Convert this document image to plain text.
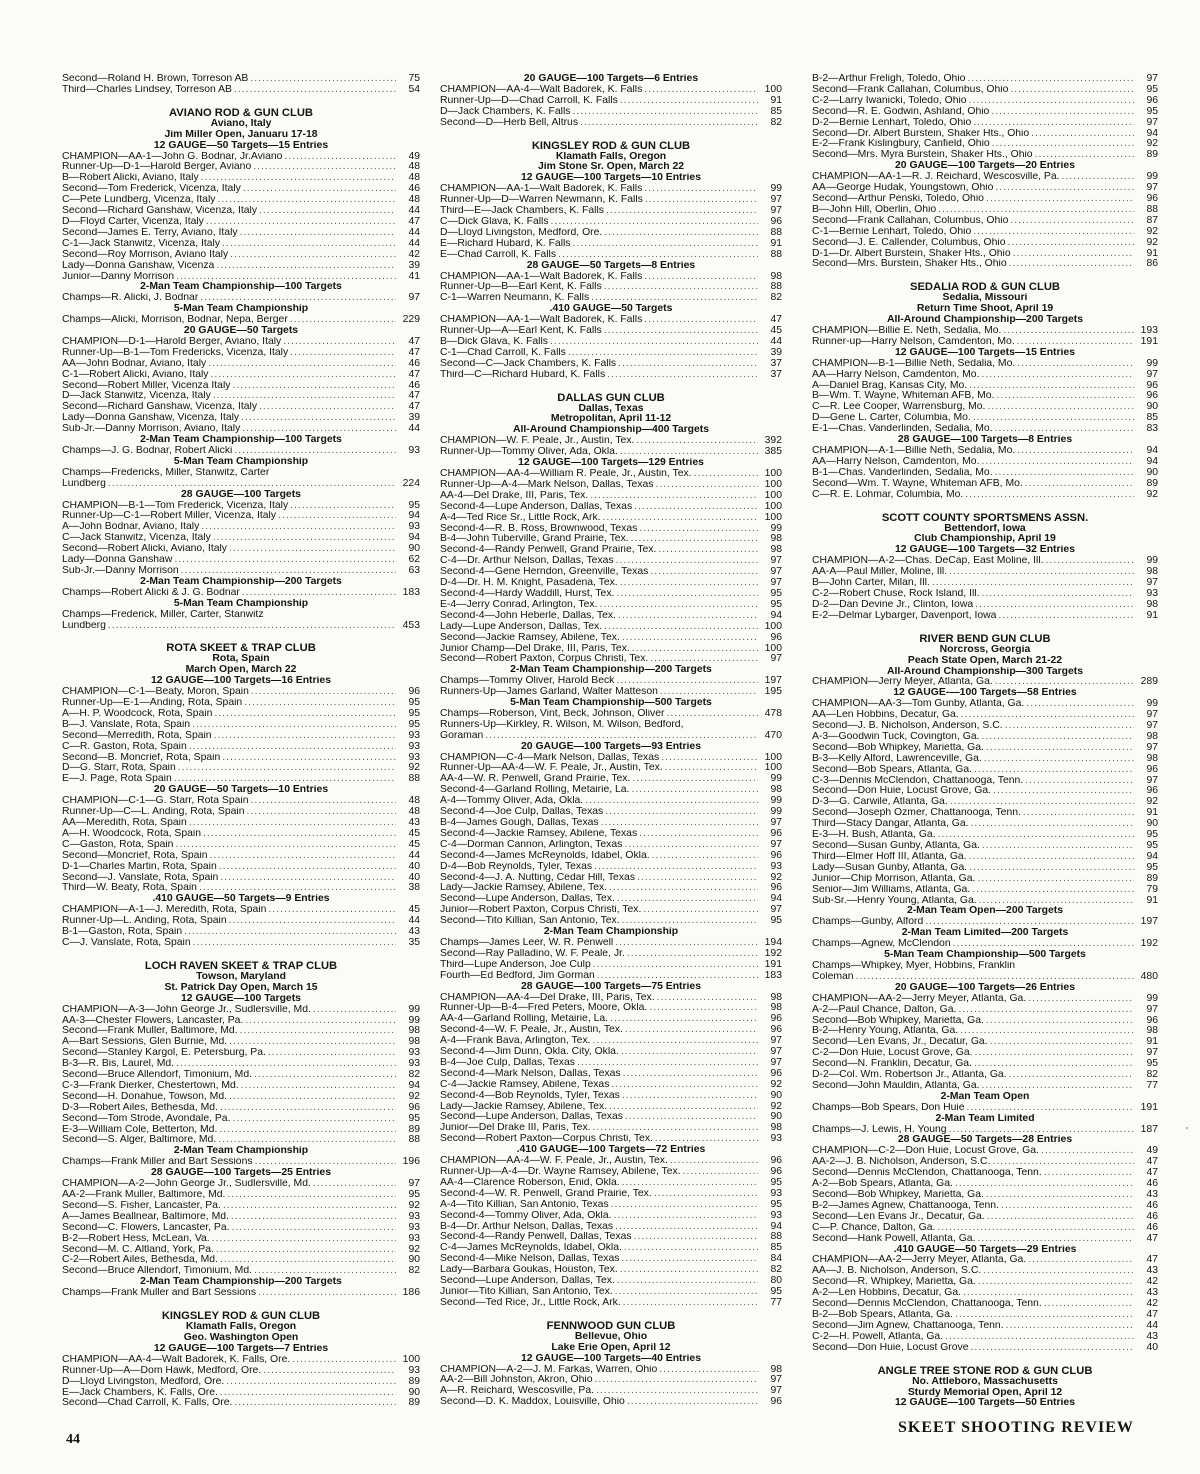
Second—Roland H. Brown, Torreson AB .....	75
Third—Charles Lindsey, Torreson AB .....	54
AVIANO ROD & GUN CLUB
Aviano, Italy
Jim Miller Open, Januaru 17-18
12 GAUGE—50 Targets—15 Entries
CHAMPION—AA-1—John G. Bodnar, Jr.Aviano .....	49
Runner-Up—D-1—Harold Berger, Aviano .....	48
B—Robert Alicki, Aviano, Italy .....	48
Second—Tom Frederick, Vicenza, Italy .....	46
C—Pete Lundberg, Vicenza, Italy .....	48
Second—Richard Ganshaw, Vicenza, Italy .....	44
D—Floyd Carter, Vicenza, Italy .....	47
Second—James E. Terry, Aviano, Italy .....	44
C-1—Jack Stanwitz, Vicenza, Italy .....	44
Second—Roy Morrison, Aviano Italy .....	42
Lady—Donna Ganshaw, Vicenza .....	39
Junior—Danny Morrison .....	41
2-Man Team Championship—100 Targets
Champs—R. Alicki, J. Bodnar .....	97
5-Man Team Championship
Champs—Alicki, Morrison, Bodnar, Nepa, Berger .....	229
20 GAUGE—50 Targets
CHAMPION—D-1—Harold Berger, Aviano, Italy .....	47
Runner-Up—B-1—Tom Fredericks, Vicenza, Italy .....	47
AA—John Bodnar, Aviano, Italy .....	46
C-1—Robert Alicki, Aviano, Italy .....	47
Second—Robert Miller, Vicenza Italy .....	46
D—Jack Stanwitz, Vicenza, Italy .....	47
Second—Richard Ganshaw, Vicenza, Italy .....	47
Lady—Donna Ganshaw, Vicenza, Italy .....	39
Sub-Jr.—Danny Morrison, Aviano, Italy .....	44
2-Man Team Championship—100 Targets
Champs—J. G. Bodnar, Robert Alicki .....	93
5-Man Team Championship
Champs—Fredericks, Miller, Stanwitz, Carter
Lundberg .....	224
28 GAUGE—100 Targets
CHAMPION—B-1—Tom Frederick, Vicenza, Italy .....	95
Runner-Up—C-1—Robert Miller, Vicenza, Italy .....	94
A—John Bodnar, Aviano, Italy .....	93
C—Jack Stanwitz, Vicenza, Italy .....	94
Second—Robert Alicki, Aviano, Italy .....	90
Lady—Donna Ganshaw .....	62
Sub-Jr.—Danny Morrison .....	63
2-Man Team Championship—200 Targets
Champs—Robert Alicki & J. G. Bodnar .....	183
5-Man Team Championship
Champs—Frederick, Miller, Carter, Stanwitz
Lundberg .....	453
ROTA SKEET & TRAP CLUB
Rota, Spain
March Open, March 22
12 GAUGE—100 Targets—16 Entries
CHAMPION—C-1—Beaty, Moron, Spain .....	96
Runner-Up—E-1—Anding, Rota, Spain .....	95
A—H. P. Woodcock, Rota, Spain .....	95
B—J. Vanslate, Rota, Spain .....	95
Second—Merredith, Rota, Spain .....	93
C—R. Gaston, Rota, Spain .....	93
Second—B. Moncrief, Rota, Spain .....	93
D—G. Starr, Rota, Spain .....	92
E—J. Page, Rota Spain .....	88
20 GAUGE—50 Targets—10 Entries
CHAMPION—C-1—G. Starr, Rota Spain .....	48
Runner-Up—C—L. Anding, Rota, Spain .....	48
AA—Meredith, Rota, Spain .....	43
A—H. Woodcock, Rota, Spain .....	45
C—Gaston, Rota, Spain .....	45
Second—Moncrief, Rota, Spain .....	44
D-1—Charles Martin, Rota, Spain .....	40
Second—J. Vanslate, Rota, Spain .....	40
Third—W. Beaty, Rota, Spain .....	38
.410 GAUGE—50 Targets—9 Entries
CHAMPION—A-1—J. Meredith, Rota, Spain .....	45
Runner-Up—L. Anding, Rota, Spain .....	44
B-1—Gaston, Rota, Spain .....	43
C—J. Vanslate, Rota, Spain .....	35
LOCH RAVEN SKEET & TRAP CLUB
Towson, Maryland
St. Patrick Day Open, March 15
12 GAUGE—100 Targets
CHAMPION—A-3—John George Jr., Sudlersville, Md. .....	99
AA-3—Chester Flowers, Lancaster, Pa. .....	99
Second—Frank Muller, Baltimore, Md. .....	98
A—Bart Sessions, Glen Burnie, Md. .....	98
Second—Stanley Kargol, E. Petersburg, Pa. .....	93
B-3—R. Bis, Laurel, Md. .....	93
Second—Bruce Allendorf, Timonium, Md. .....	82
C-3—Frank Dierker, Chestertown, Md. .....	94
Second—H. Donahue, Towson, Md. .....	92
D-3—Robert Ailes, Bethesda, Md. .....	96
Second—Tom Strode, Avondale, Pa. .....	95
E-3—William Cole, Betterton, Md. .....	89
Second—S. Alger, Baltimore, Md. .....	88
2-Man Team Championship
Champs—Frank Miller and Bart Sessions .....	196
28 GAUGE—100 Targets—25 Entries
CHAMPION—A-2—John George Jr., Sudlersville, Md. .....	97
AA-2—Frank Muller, Baltimore, Md. .....	95
Second—S. Fisher, Lancaster, Pa. .....	92
A—James Beallnear, Baltimore, Md. .....	93
Second—C. Flowers, Lancaster, Pa. .....	93
B-2—Robert Hess, McLean, Va. .....	93
Second—M. C. Altland, York, Pa. .....	92
C-2—Robert Ailes, Bethesda, Md. .....	90
Second—Bruce Allendorf, Timonium, Md. .....	82
2-Man Team Championship—200 Targets
Champs—Frank Muller and Bart Sessions .....	186
KINGSLEY ROD & GUN CLUB
Klamath Falls, Oregon
Geo. Washington Open
12 GAUGE—100 Targets—7 Entries
CHAMPION—AA-4—Walt Badorek, K. Falls, Ore. .....	100
Runner-Up—A—Dom Hawk, Medford, Ore. .....	93
D—Lloyd Livingston, Medford, Ore. .....	89
E—Jack Chambers, K. Falls, Ore. .....	90
Second—Chad Carroll, K. Falls, Ore. .....	89
20 GAUGE—100 Targets—6 Entries
CHAMPION—AA-4—Walt Badorek, K. Falls .....	100
Runner-Up—D—Chad Carroll, K. Falls .....	91
D—Jack Chambers, K. Falls .....	85
Second—D—Herb Bell, Altrus .....	82
KINGSLEY ROD & GUN CLUB
Klamath Falls, Oregon
Jim Stone Sr. Open, March 22
12 GAUGE—100 Targets—10 Entries
CHAMPION—AA-1—Walt Badorek, K. Falls .....	99
Runner-Up—D—Warren Newmann, K. Falls .....	97
Third—E—Jack Chambers, K. Falls .....	97
C—Dick Glava, K. Falls .....	96
D—Lloyd Livingston, Medford, Ore. .....	88
E—Richard Hubard, K. Falls .....	91
E—Chad Carroll, K. Falls .....	88
28 GAUGE—50 Targets—8 Entries
CHAMPION—AA-1—Walt Badorek, K. Falls .....	98
Runner-Up—B—Earl Kent, K. Falls .....	88
C-1—Warren Neumann, K. Falls .....	82
.410 GAUGE—50 Targets
CHAMPION—AA-1—Walt Badorek, K. Falls .....	47
Runner-Up—A—Earl Kent, K. Falls .....	45
B—Dick Glava, K. Falls .....	44
C-1—Chad Carroll, K. Falls .....	39
Second—C—Jack Chambers, K. Falls .....	37
Third—C—Richard Hubard, K. Falls .....	37
DALLAS GUN CLUB
Dallas, Texas
Metropolitan, April 11-12
All-Around Championship—400 Targets
CHAMPION—W. F. Peale, Jr., Austin, Tex. .....	392
Runner-Up—Tommy Oliver, Ada, Okla. .....	385
12 GAUGE—100 Targets—129 Entries
CHAMPION—AA-4—William R. Peale, Jr., Austin, Tex. .....	100
Runner-Up—A-4—Mark Nelson, Dallas, Texas .....	100
AA-4—Del Drake, III, Paris, Tex. .....	100
Second-4—Lupe Anderson, Dallas, Texas .....	100
A-4—Ted Rice Sr., Little Rock, Ark. .....	100
Second-4—R. B. Ross, Brownwood, Texas .....	99
B-4—John Tuberville, Grand Prairie, Tex. .....	98
Second-4—Randy Penwell, Grand Prairie, Tex. .....	98
C-4—Dr. Arthur Nelson, Dallas, Texas .....	97
Second-4—Gene Herndon, Greenville, Texas .....	97
D-4—Dr. H. M. Knight, Pasadena, Tex. .....	97
Second-4—Hardy Waddill, Hurst, Tex. .....	95
E-4—Jerry Conrad, Arlington, Tex. .....	95
Second-4—John Heberle, Dallas, Tex. .....	94
Lady—Lupe Anderson, Dallas, Tex. .....	100
Second—Jackie Ramsey, Abilene, Tex. .....	96
Junior Champ—Del Drake, III, Paris, Tex. .....	100
Second—Robert Paxton, Corpus Christi, Tex. .....	97
2-Man Team Championship—200 Targets
Champs—Tommy Oliver, Harold Beck .....	197
Runners-Up—James Garland, Walter Matteson .....	195
5-Man Team Championship—500 Targets
Champs—Roberson, Vint, Beck, Johnson, Oliver .....	478
Runners-Up—Kirkley, R. Wilson, M. Wilson, Bedford,
Goraman .....	470
20 GAUGE—100 Targets—93 Entries
CHAMPION—C-4—Mark Nelson, Dallas, Texas .....	100
Runner-Up—AA-4—W. F. Peale, Jr., Austin, Tex. .....	100
AA-4—W. R. Penwell, Grand Prairie, Tex. .....	99
Second-4—Garland Rolling, Metairie, La. .....	98
A-4—Tommy Oliver, Ada, Okla. .....	99
Second-4—Joe Culp, Dallas, Texas .....	99
B-4—James Gough, Dallas, Texas .....	97
Second-4—Jackie Ramsey, Abilene, Texas .....	96
C-4—Dorman Cannon, Arlington, Texas .....	97
Second-4—James McReynolds, Idabel, Okla. .....	96
D-4—Bob Reynolds, Tyler, Texas .....	93
Second-4—J. A. Nutting, Cedar Hill, Texas .....	92
Lady—Jackie Ramsey, Abilene, Tex. .....	96
Second—Lupe Anderson, Dallas, Tex. .....	94
Junior—Robert Paxton, Corpus Christi, Tex. .....	97
Second—Tito Killian, San Antonio, Tex. .....	95
2-Man Team Championship
Champs—James Leer, W. R. Penwell .....	194
Second—Ray Palladino, W. F. Peale, Jr. .....	192
Third—Lupe Anderson, Joe Culp .....	191
Fourth—Ed Bedford, Jim Gorman .....	183
28 GAUGE—100 Targets—75 Entries
CHAMPION—AA-4—Del Drake, III, Paris, Tex. .....	98
Runner-Up—B-4—Fred Peters, Moore, Okla. .....	98
AA-4—Garland Rolling, Metairie, La. .....	96
Second-4—W. F. Peale, Jr., Austin, Tex. .....	96
A-4—Frank Bava, Arlington, Tex. .....	97
Second-4—Jim Dunn, Okla. City, Okla. .....	97
B-4—Joe Culp, Dallas, Texas .....	97
Second-4—Mark Nelson, Dallas, Texas .....	96
C-4—Jackie Ramsey, Abilene, Texas .....	92
Second-4—Bob Reynolds, Tyler, Texas .....	90
Lady—Jackie Ramsey, Abilene, Tex. .....	92
Second—Lupe Anderson, Dallas, Texas .....	90
Junior—Del Drake III, Paris, Tex. .....	98
Second—Robert Paxton—Corpus Christi, Tex. .....	93
.410 GAUGE—100 Targets—72 Entries
CHAMPION—AA-4—W. F. Peale, Jr., Austin, Tex. .....	96
Runner-Up—A-4—Dr. Wayne Ramsey, Abilene, Tex. .....	96
AA-4—Clarence Roberson, Enid, Okla. .....	95
Second-4—W. R. Penwell, Grand Prairie, Tex. .....	93
A-4—Tito Killian, San Antonio, Texas .....	95
Second-4—Tommy Oliver, Ada, Okla. .....	93
B-4—Dr. Arthur Nelson, Dallas, Texas .....	94
Second-4—Randy Penwell, Dallas, Texas .....	88
C-4—James McReynolds, Idabel, Okla. .....	85
Second-4—Mike Nelson, Dallas, Texas .....	84
Lady—Barbara Goukas, Houston, Tex. .....	82
Second—Lupe Anderson, Dallas, Tex. .....	80
Junior—Tito Killian, San Antonio, Tex. .....	95
Second—Ted Rice, Jr., Little Rock, Ark. .....	77
FENNWOOD GUN CLUB
Bellevue, Ohio
Lake Erie Open, April 12
12 GAUGE—100 Targets—40 Entries
CHAMPION—A-2—J. M. Farkas, Warren, Ohio .....	98
AA-2—Bill Johnston, Akron, Ohio .....	97
A—R. Reichard, Wescosville, Pa. .....	97
Second—D. K. Maddox, Louisville, Ohio .....	96
B-2—Arthur Freligh, Toledo, Ohio .....	97
Second—Frank Callahan, Columbus, Ohio .....	95
C-2—Larry Iwanicki, Toledo, Ohio .....	96
Second—R. E. Godwin, Ashland, Ohio .....	95
D-2—Bernie Lenhart, Toledo, Ohio .....	97
Second—Dr. Albert Burstein, Shaker Hts., Ohio .....	94
E-2—Frank Kislingbury, Canfield, Ohio .....	92
Second—Mrs. Myra Burstein, Shaker Hts., Ohio .....	89
20 GAUGE—100 Targets—20 Entries
CHAMPION—AA-1—R. J. Reichard, Wescosville, Pa. .....	99
AA—George Hudak, Youngstown, Ohio .....	97
Second—Arthur Penski, Toledo, Ohio .....	96
B—John Hill, Oberlin, Ohio .....	88
Second—Frank Callahan, Columbus, Ohio .....	87
C-1—Bernie Lenhart, Toledo, Ohio .....	92
Second—J. E. Callender, Columbus, Ohio .....	92
D-1—Dr. Albert Burstein, Shaker Hts., Ohio .....	91
Second—Mrs. Burstein, Shaker Hts., Ohio .....	86
SEDALIA ROD & GUN CLUB
Sedalia, Missouri
Return Time Shoot, April 19
All-Around Championship—200 Targets
CHAMPION—Billie E. Neth, Sedalia, Mo. .....	193
Runner-up—Harry Nelson, Camdenton, Mo. .....	191
12 GAUGE—100 Targets—15 Entries
CHAMPION—B-1—Billie Neth, Sedalia, Mo. .....	99
AA—Harry Nelson, Camdenton, Mo. .....	97
A—Daniel Brag, Kansas City, Mo. .....	96
B—Wm. T. Wayne, Whiteman AFB, Mo. .....	96
C—R. Lee Cooper, Warrensburg, Mo. .....	90
D—Gene L. Carter, Columbia, Mo. .....	85
E-1—Chas. Vanderlinden, Sedalia, Mo. .....	83
28 GAUGE—100 Targets—8 Entries
CHAMPION—A-1—Billie Neth, Sedalia, Mo. .....	94
AA—Harry Nelson, Camdenton, Mo. .....	94
B-1—Chas. Vanderlinden, Sedalia, Mo. .....	90
Second—Wm. T. Wayne, Whiteman AFB, Mo. .....	89
C—R. E. Lohmar, Columbia, Mo. .....	92
SCOTT COUNTY SPORTSMENS ASSN.
Bettendorf, Iowa
Club Championship, April 19
12 GAUGE—100 Targets—32 Entries
CHAMPION—A-2—Chas. DeCap, East Moline, Ill. .....	99
AA-A—Paul Miller, Moline, Ill. .....	98
B—John Carter, Milan, Ill. .....	97
C-2—Robert Chuse, Rock Island, Ill. .....	93
D-2—Dan Devine Jr., Clinton, Iowa .....	98
E-2—Delmar Lybarger, Davenport, Iowa .....	91
RIVER BEND GUN CLUB
Norcross, Georgia
Peach State Open, March 21-22
All-Around Championship—300 Targets
CHAMPION—Jerry Meyer, Atlanta, Ga. .....	289
12 GAUGE-—100 Targets—58 Entries
CHAMPION—AA-3—Tom Gunby, Atlanta, Ga. .....	99
AA—Len Hobbins, Decatur, Ga. .....	97
Second—J. B. Nicholson, Anderson, S.C. .....	97
A-3—Goodwin Tuck, Covington, Ga. .....	98
Second—Bob Whipkey, Marietta, Ga. .....	97
B-3—Kelly Alford, Lawrenceville, Ga. .....	98
Second—Bob Spears, Atlanta, Ga. .....	96
C-3—Dennis McClendon, Chattanooga, Tenn. .....	97
Second—Don Huie, Locust Grove, Ga. .....	96
D-3—G. Carwile, Atlanta, Ga. .....	92
Second—Joseph Ozmer, Chattanooga, Tenn. .....	91
Third—Stacy Dangar, Atlanta, Ga. .....	90
E-3—H. Bush, Atlanta, Ga. .....	95
Second—Susan Gunby, Atlanta, Ga. .....	95
Third—Elmer Hoff III, Atlanta, Ga. .....	94
Lady—Susan Gunby, Atlanta, Ga. .....	95
Junior—Chip Morrison, Atlanta, Ga. .....	89
Senior—Jim Williams, Atlanta, Ga. .....	79
Sub-Sr.—Henry Young, Atlanta, Ga. .....	91
2-Man Team Open—200 Targets
Champs—Gunby, Alford .....	197
2-Man Team Limited—200 Targets
Champs—Agnew, McClendon .....	192
5-Man Team Championship—500 Targets
Champs—Whipkey, Myer, Hobbins, Franklin
Coleman .....	480
20 GAUGE—100 Targets—26 Entries
CHAMPION—AA-2—Jerry Meyer, Atlanta, Ga. .....	99
A-2—Paul Chance, Dalton, Ga. .....	97
Second—Bob Whipkey, Marietta, Ga. .....	96
B-2—Henry Young, Atlanta, Ga. .....	98
Second—Len Evans, Jr., Decatur, Ga. .....	91
C-2—Don Huie, Locust Grove, Ga. .....	97
Second—N. Franklin, Decatur, Ga. .....	95
D-2—Col. Wm. Robertson Jr., Atlanta, Ga. .....	82
Second—John Mauldin, Atlanta, Ga. .....	77
2-Man Team Open
Champs—Bob Spears, Don Huie .....	191
2-Man Team Limited
Champs—J. Lewis, H. Young .....	187
28 GAUGE—50 Targets—28 Entries
CHAMPION—C-2—Don Huie, Locust Grove, Ga. .....	49
AA-2—J. B. Nicholson, Anderson, S.C. .....	47
Second—Dennis McClendon, Chattanooga, Tenn. .....	47
A-2—Bob Spears, Atlanta, Ga. .....	46
Second—Bob Whipkey, Marietta, Ga. .....	43
B-2—James Agnew, Chattanooga, Tenn. .....	46
Second—Len Evans Jr., Decatur, Ga. .....	46
C—P. Chance, Dalton, Ga. .....	46
Second—Hank Powell, Atlanta, Ga. .....	47
.410 GAUGE—50 Targets—29 Entries
CHAMPION—AA-2—Jerry Meyer, Atlanta, Ga. .....	47
AA—J. B. Nicholson, Anderson, S.C. .....	43
Second—R. Whipkey, Marietta, Ga. .....	42
A-2—Len Hobbins, Decatur, Ga. .....	43
Second—Dennis McClendon, Chattanooga, Tenn. .....	42
B-2—Bob Spears, Atlanta, Ga. .....	47
Second—Jim Agnew, Chattanooga, Tenn. .....	44
C-2—H. Powell, Atlanta, Ga. .....	43
Second—Don Huie, Locust Grove .....	40
ANGLE TREE STONE ROD & GUN CLUB
No. Attleboro, Massachusetts
Sturdy Memorial Open, April 12
12 GAUGE—100 Targets—50 Entries
44
SKEET SHOOTING REVIEW
'
